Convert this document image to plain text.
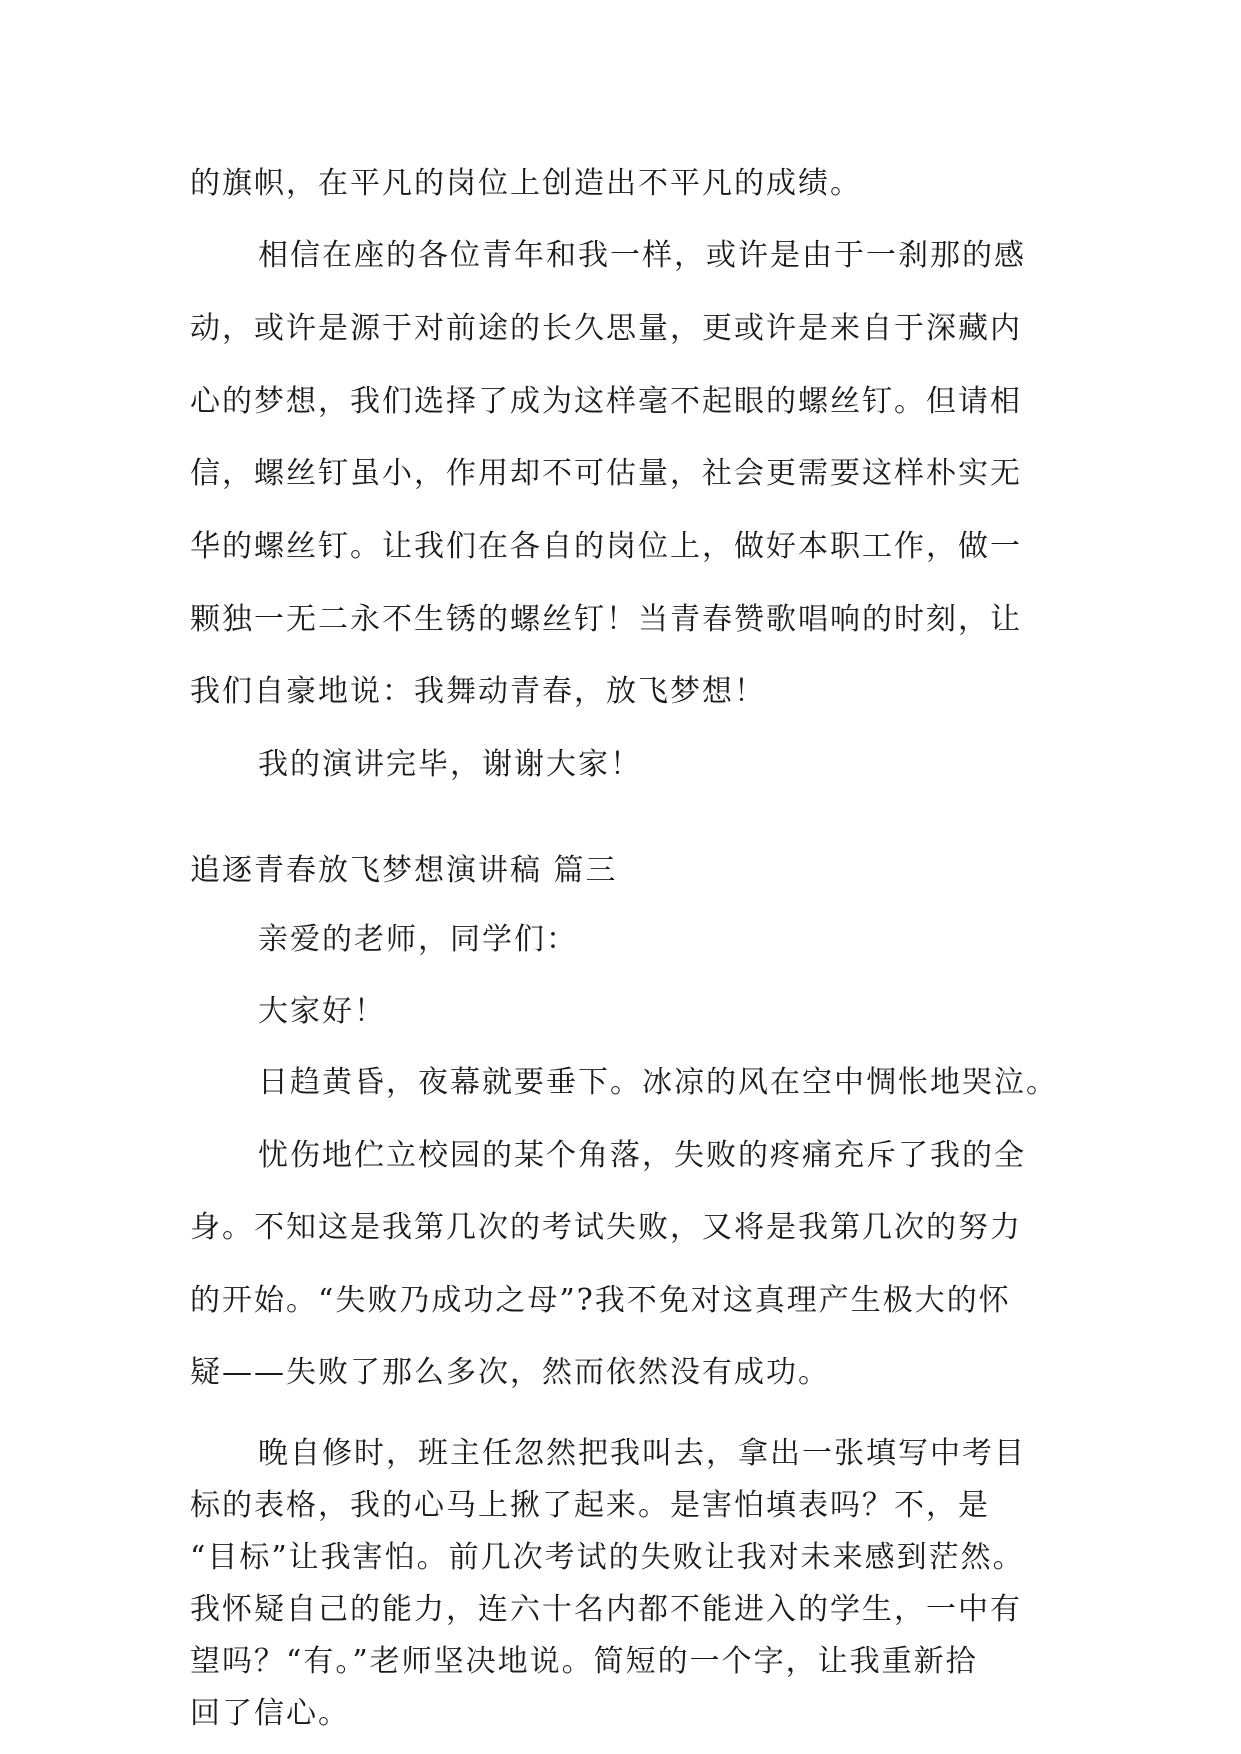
的旗帜，在平凡的岗位上创造出不平凡的成绩。
相信在座的各位青年和我一样，或许是由于一刹那的感
动，或许是源于对前途的长久思量，更或许是来自于深藏内
心的梦想，我们选择了成为这样毫不起眼的螺丝钉。但请相
信，螺丝钉虽小，作用却不可估量，社会更需要这样朴实无
华的螺丝钉。让我们在各自的岗位上，做好本职工作，做一
颗独一无二永不生锈的螺丝钉！当青春赞歌唱响的时刻，让
我们自豪地说：我舞动青春，放飞梦想！
我的演讲完毕，谢谢大家！
追逐青春放飞梦想演讲稿 篇三
亲爱的老师，同学们：
大家好！
日趋黄昏，夜幕就要垂下。冰凉的风在空中惆怅地哭泣。
忧伤地伫立校园的某个角落，失败的疼痛充斥了我的全
身。不知这是我第几次的考试失败，又将是我第几次的努力
的开始。“失败乃成功之母”?我不免对这真理产生极大的怀
疑——失败了那么多次，然而依然没有成功。
晚自修时，班主任忽然把我叫去，拿出一张填写中考目
标的表格，我的心马上揪了起来。是害怕填表吗？不，是
“目标”让我害怕。前几次考试的失败让我对未来感到茫然。
我怀疑自己的能力，连六十名内都不能进入的学生，一中有
望吗？“有。”老师坚决地说。简短的一个字，让我重新拾
回了信心。
